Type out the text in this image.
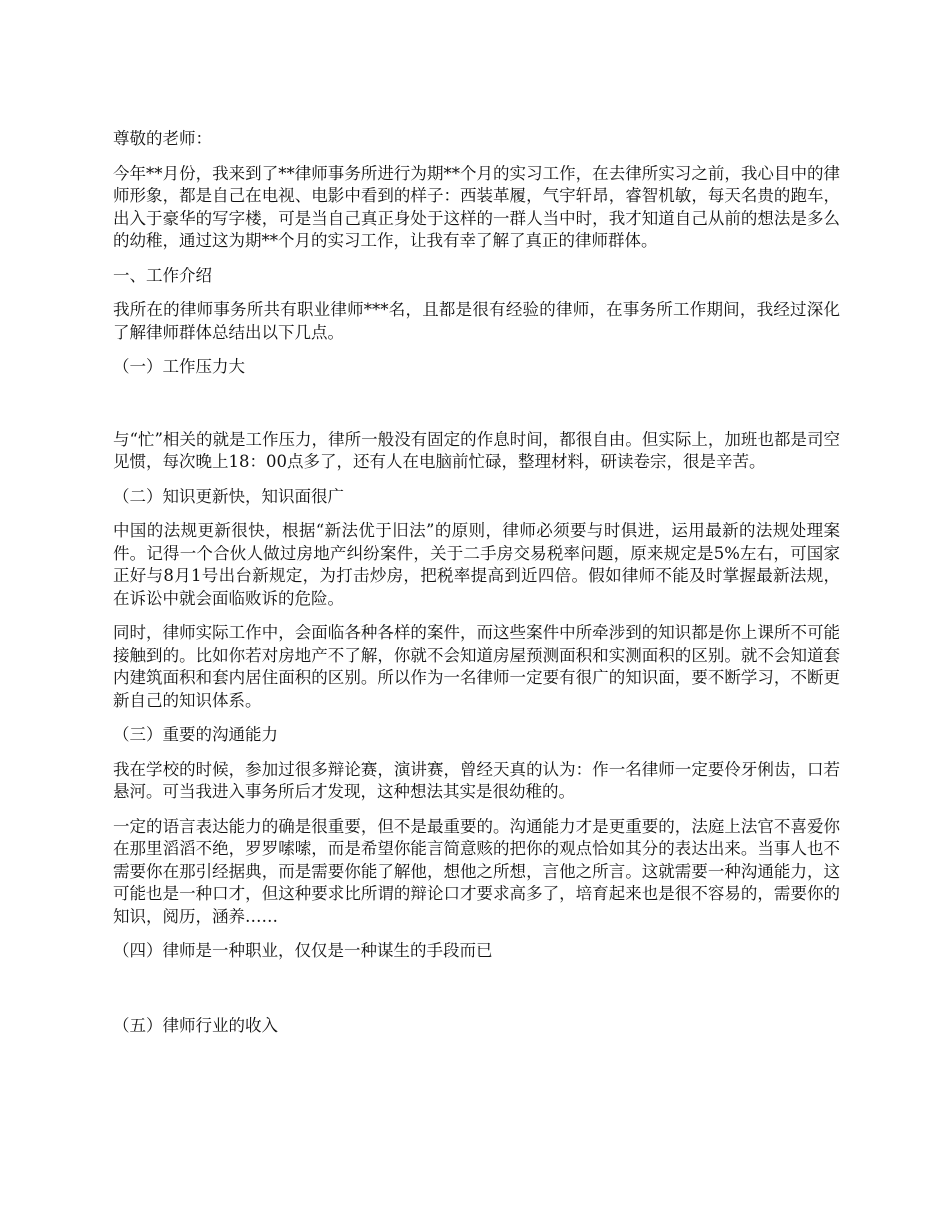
尊敬的老师：

今年**月份，我来到了**律师事务所进行为期**个月的实习工作，在去律所实习之前，我心目中的律师形象，都是自己在电视、电影中看到的样子：西装革履，气宇轩昂，睿智机敏，每天名贵的跑车，出入于豪华的写字楼，可是当自己真正身处于这样的一群人当中时，我才知道自己从前的想法是多么的幼稚，通过这为期**个月的实习工作，让我有幸了解了真正的律师群体。

一、工作介绍

我所在的律师事务所共有职业律师***名，且都是很有经验的律师，在事务所工作期间，我经过深化了解律师群体总结出以下几点。

（一）工作压力大

与“忙”相关的就是工作压力，律所一般没有固定的作息时间，都很自由。但实际上，加班也都是司空见惯，每次晚上18：00点多了，还有人在电脑前忙碌，整理材料，研读卷宗，很是辛苦。

（二）知识更新快，知识面很广

中国的法规更新很快，根据“新法优于旧法”的原则，律师必须要与时俱进，运用最新的法规处理案件。记得一个合伙人做过房地产纠纷案件，关于二手房交易税率问题，原来规定是5%左右，可国家正好与8月1号出台新规定，为打击炒房，把税率提高到近四倍。假如律师不能及时掌握最新法规，在诉讼中就会面临败诉的危险。

同时，律师实际工作中，会面临各种各样的案件，而这些案件中所牵涉到的知识都是你上课所不可能接触到的。比如你若对房地产不了解，你就不会知道房屋预测面积和实测面积的区别。就不会知道套内建筑面积和套内居住面积的区别。所以作为一名律师一定要有很广的知识面，要不断学习，不断更新自己的知识体系。

（三）重要的沟通能力

我在学校的时候，参加过很多辩论赛，演讲赛，曾经天真的认为：作一名律师一定要伶牙俐齿，口若悬河。可当我进入事务所后才发现，这种想法其实是很幼稚的。

一定的语言表达能力的确是很重要，但不是最重要的。沟通能力才是更重要的，法庭上法官不喜爱你在那里滔滔不绝，罗罗嗦嗦，而是希望你能言简意赅的把你的观点恰如其分的表达出来。当事人也不需要你在那引经据典，而是需要你能了解他，想他之所想，言他之所言。这就需要一种沟通能力，这可能也是一种口才，但这种要求比所谓的辩论口才要求高多了，培育起来也是很不容易的，需要你的知识，阅历，涵养……

（四）律师是一种职业，仅仅是一种谋生的手段而已

（五）律师行业的收入
